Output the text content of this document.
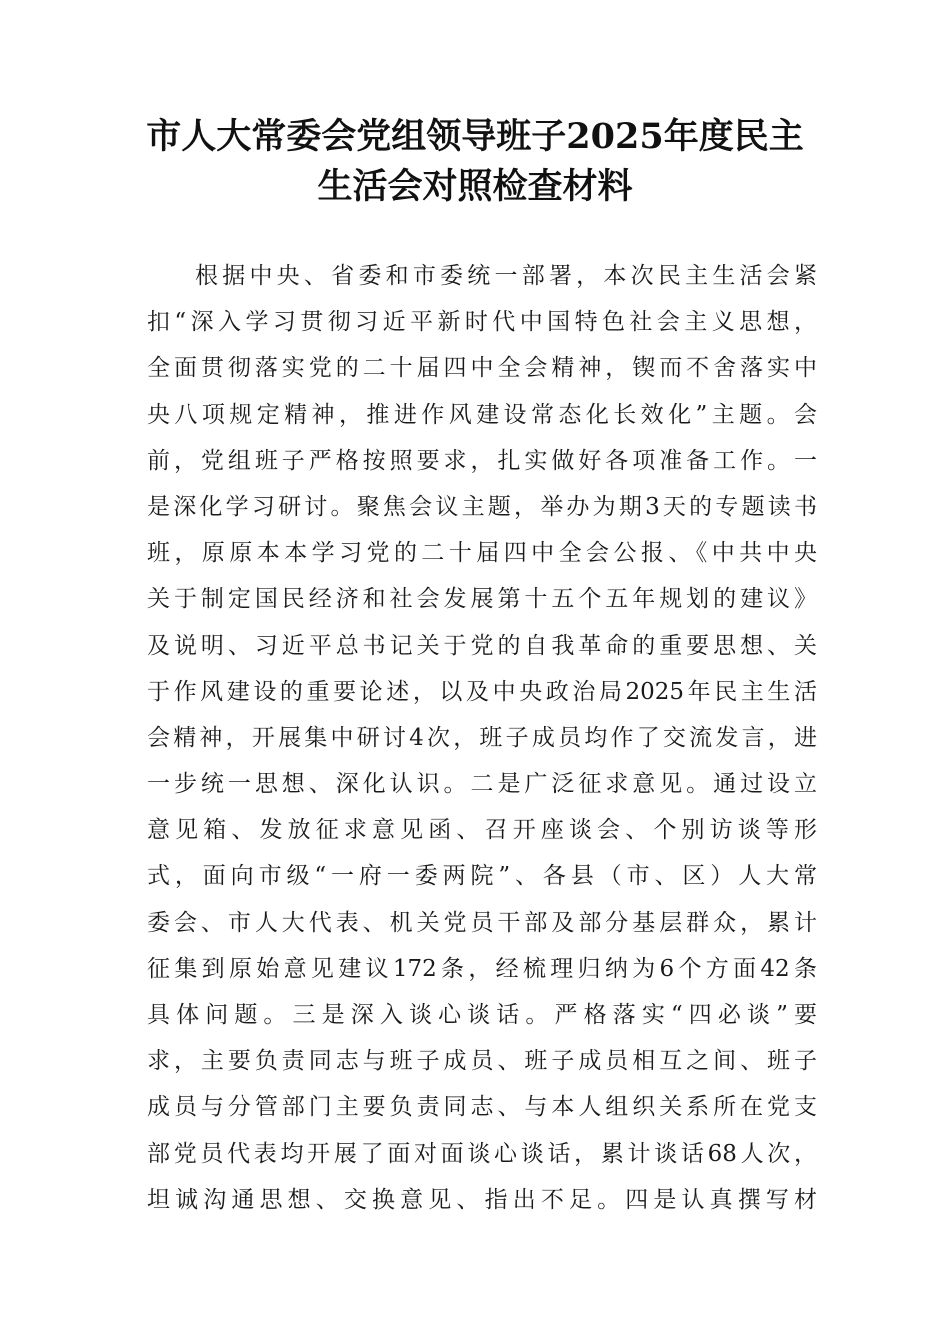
市人大常委会党组领导班子2025年度民主
生活会对照检查材料
根据中央、省委和市委统一部署，本次民主生活会紧
扣“深入学习贯彻习近平新时代中国特色社会主义思想，
全面贯彻落实党的二十届四中全会精神，锲而不舍落实中
央八项规定精神，推进作风建设常态化长效化”主题。会
前，党组班子严格按照要求，扎实做好各项准备工作。一
是深化学习研讨。聚焦会议主题，举办为期3天的专题读书
班，原原本本学习党的二十届四中全会公报、《中共中央
关于制定国民经济和社会发展第十五个五年规划的建议》
及说明、习近平总书记关于党的自我革命的重要思想、关
于作风建设的重要论述，以及中央政治局2025年民主生活
会精神，开展集中研讨4次，班子成员均作了交流发言，进
一步统一思想、深化认识。二是广泛征求意见。通过设立
意见箱、发放征求意见函、召开座谈会、个别访谈等形
式，面向市级“一府一委两院”、各县（市、区）人大常
委会、市人大代表、机关党员干部及部分基层群众，累计
征集到原始意见建议172条，经梳理归纳为6个方面42条
具体问题。三是深入谈心谈话。严格落实“四必谈”要
求，主要负责同志与班子成员、班子成员相互之间、班子
成员与分管部门主要负责同志、与本人组织关系所在党支
部党员代表均开展了面对面谈心谈话，累计谈话68人次，
坦诚沟通思想、交换意见、指出不足。四是认真撰写材
